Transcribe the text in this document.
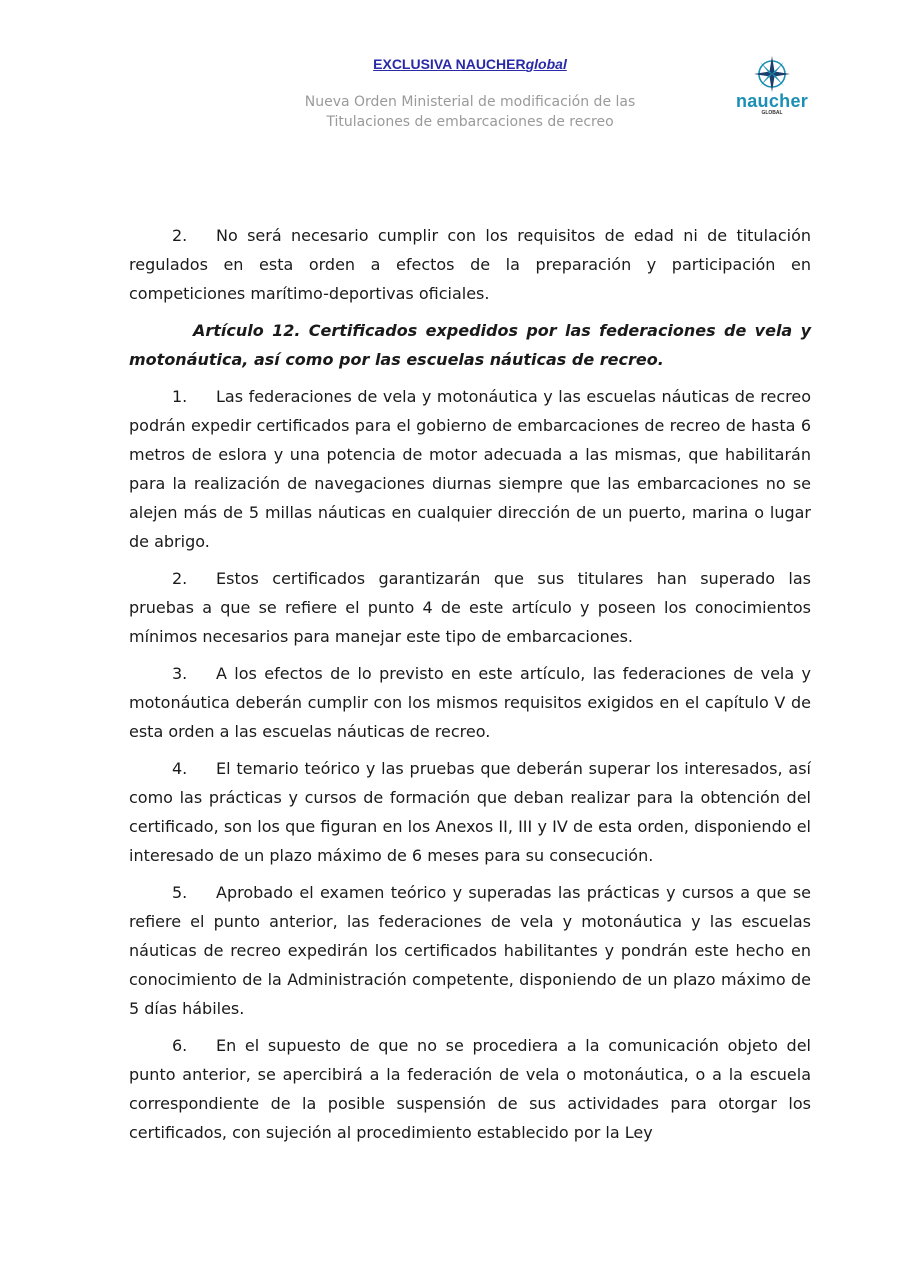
EXCLUSIVA NAUCHERglobal
Nueva Orden Ministerial de modificación de las
Titulaciones de embarcaciones de recreo
naucher
GLOBAL

2. No será necesario cumplir con los requisitos de edad ni de titulación regulados en esta orden a efectos de la preparación y participación en competiciones marítimo-deportivas oficiales.

Artículo 12. Certificados expedidos por las federaciones de vela y motonáutica, así como por las escuelas náuticas de recreo.

1. Las federaciones de vela y motonáutica y las escuelas náuticas de recreo podrán expedir certificados para el gobierno de embarcaciones de recreo de hasta 6 metros de eslora y una potencia de motor adecuada a las mismas, que habilitarán para la realización de navegaciones diurnas siempre que las embarcaciones no se alejen más de 5 millas náuticas en cualquier dirección de un puerto, marina o lugar de abrigo.

2. Estos certificados garantizarán que sus titulares han superado las pruebas a que se refiere el punto 4 de este artículo y poseen los conocimientos mínimos necesarios para manejar este tipo de embarcaciones.

3. A los efectos de lo previsto en este artículo, las federaciones de vela y motonáutica deberán cumplir con los mismos requisitos exigidos en el capítulo V de esta orden a las escuelas náuticas de recreo.

4. El temario teórico y las pruebas que deberán superar los interesados, así como las prácticas y cursos de formación que deban realizar para la obtención del certificado, son los que figuran en los Anexos II, III y IV de esta orden, disponiendo el interesado de un plazo máximo de 6 meses para su consecución.

5. Aprobado el examen teórico y superadas las prácticas y cursos a que se refiere el punto anterior, las federaciones de vela y motonáutica y las escuelas náuticas de recreo expedirán los certificados habilitantes y pondrán este hecho en conocimiento de la Administración competente, disponiendo de un plazo máximo de 5 días hábiles.

6. En el supuesto de que no se procediera a la comunicación objeto del punto anterior, se apercibirá a la federación de vela o motonáutica, o a la escuela correspondiente de la posible suspensión de sus actividades para otorgar los certificados, con sujeción al procedimiento establecido por la Ley
